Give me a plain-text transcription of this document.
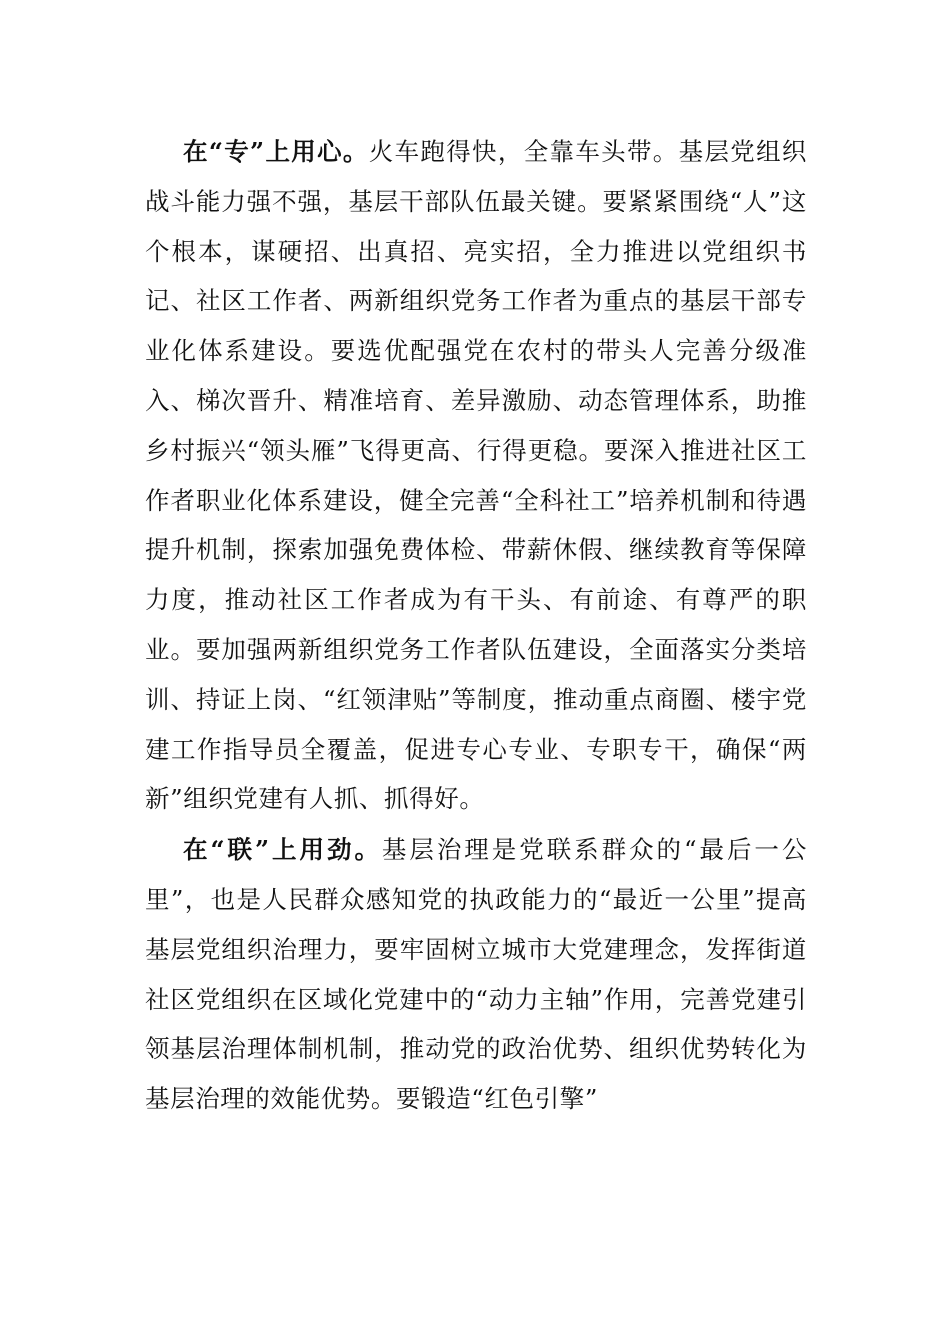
在“专”上用心。火车跑得快，全靠车头带。基层党组织战斗能力强不强，基层干部队伍最关键。要紧紧围绕“人”这个根本，谋硬招、出真招、亮实招，全力推进以党组织书记、社区工作者、两新组织党务工作者为重点的基层干部专业化体系建设。要选优配强党在农村的带头人完善分级准入、梯次晋升、精准培育、差异激励、动态管理体系，助推乡村振兴“领头雁”飞得更高、行得更稳。要深入推进社区工作者职业化体系建设，健全完善“全科社工”培养机制和待遇提升机制，探索加强免费体检、带薪休假、继续教育等保障力度，推动社区工作者成为有干头、有前途、有尊严的职业。要加强两新组织党务工作者队伍建设，全面落实分类培训、持证上岗、“红领津贴”等制度，推动重点商圈、楼宇党建工作指导员全覆盖，促进专心专业、专职专干，确保“两新”组织党建有人抓、抓得好。

在“联”上用劲。基层治理是党联系群众的“最后一公里”，也是人民群众感知党的执政能力的“最近一公里”提高基层党组织治理力，要牢固树立城市大党建理念，发挥街道社区党组织在区域化党建中的“动力主轴”作用，完善党建引领基层治理体制机制，推动党的政治优势、组织优势转化为基层治理的效能优势。要锻造“红色引擎”
